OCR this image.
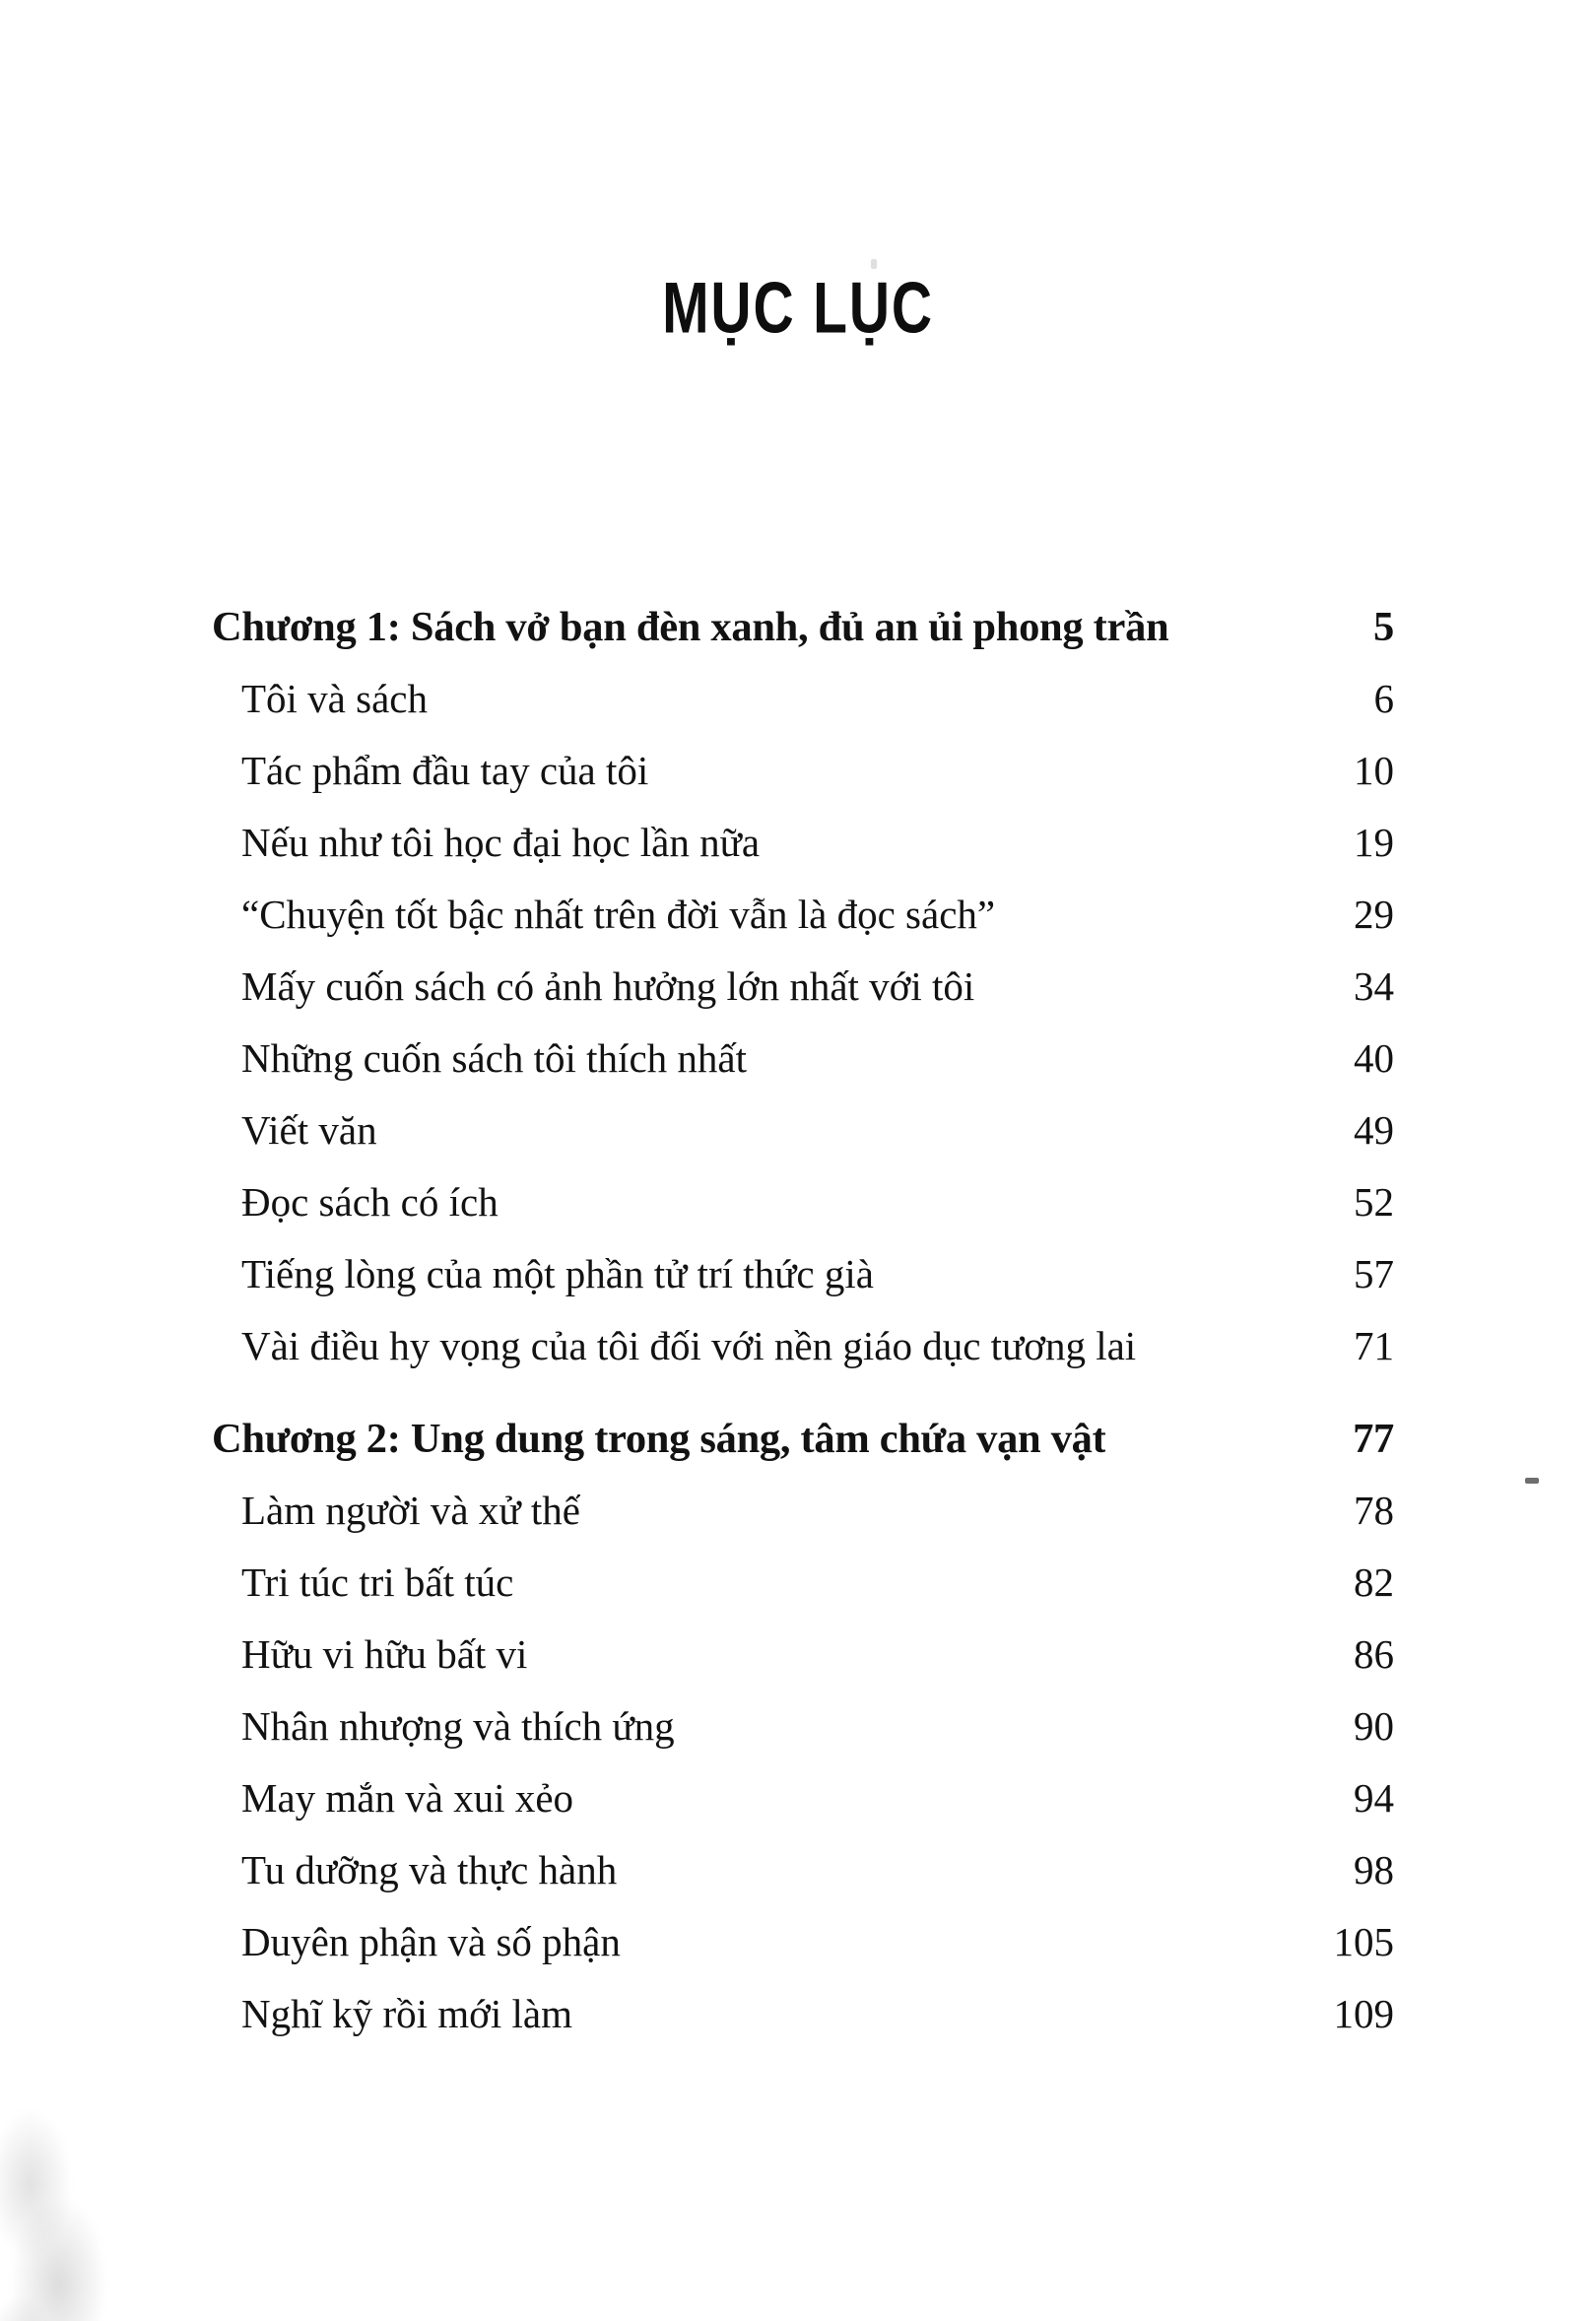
MỤC LỤC
Chương 1: Sách vở bạn đèn xanh, đủ an ủi phong trần	5
Tôi và sách	6
Tác phẩm đầu tay của tôi	10
Nếu như tôi học đại học lần nữa	19
“Chuyện tốt bậc nhất trên đời vẫn là đọc sách”	29
Mấy cuốn sách có ảnh hưởng lớn nhất với tôi	34
Những cuốn sách tôi thích nhất	40
Viết văn	49
Đọc sách có ích	52
Tiếng lòng của một phần tử trí thức già	57
Vài điều hy vọng của tôi đối với nền giáo dục tương lai	71
Chương 2: Ung dung trong sáng, tâm chứa vạn vật	77
Làm người và xử thế	78
Tri túc tri bất túc	82
Hữu vi hữu bất vi	86
Nhân nhượng và thích ứng	90
May mắn và xui xẻo	94
Tu dưỡng và thực hành	98
Duyên phận và số phận	105
Nghĩ kỹ rồi mới làm	109
